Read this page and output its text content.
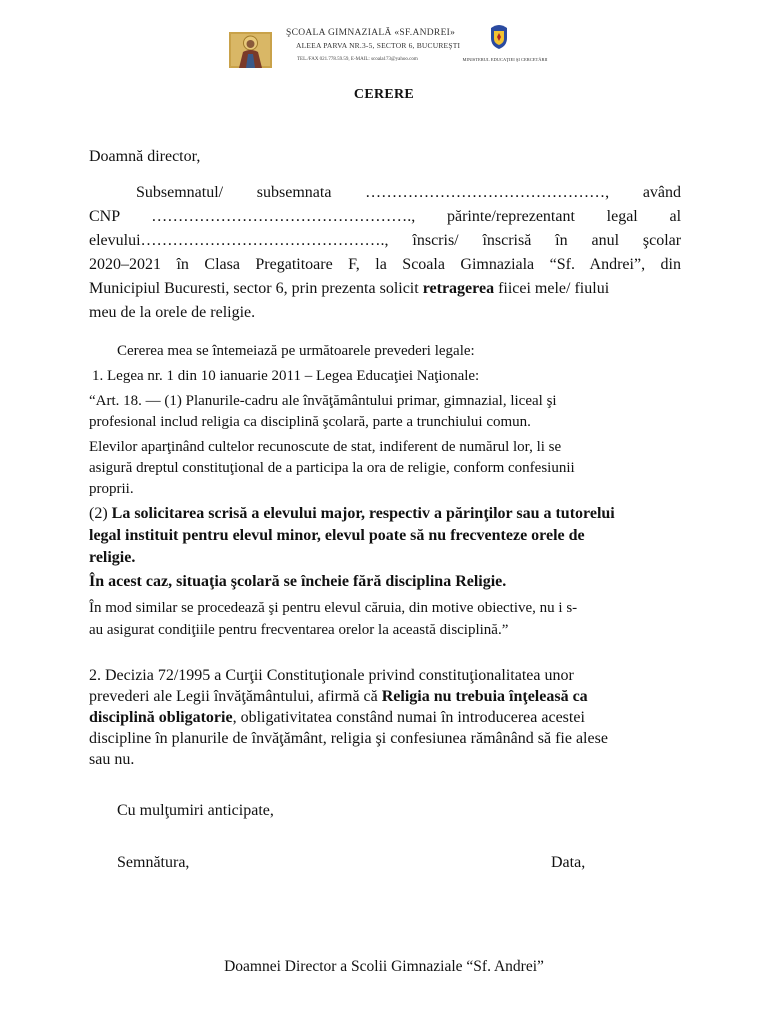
ŞCOALA GIMNAZIALĂ «SF.ANDREI»
ALEEA PARVA NR.3-5, SECTOR 6, BUCUREŞTI
TEL./FAX 021.778.59.59, E-MAIL: scoala173@yahoo.com	MINISTERUL EDUCAŢIEI ŞI CERCETĂRII
CERERE
Doamnă director,
Subsemnatul/ subsemnata ………………………………………, având
CNP …………………………………………., părinte/reprezentant legal al
elevului………………………………………., înscris/ înscrisă în anul şcolar
2020–2021 în Clasa Pregatitoare F, la Scoala Gimnaziala “Sf. Andrei”, din
Municipiul Bucuresti, sector 6, prin prezenta solicit retragerea fiicei mele/ fiului
meu de la orele de religie.
Cererea mea se întemeiază pe următoarele prevederi legale:
1. Legea nr. 1 din 10 ianuarie 2011 – Legea Educaţiei Naţionale:
“Art. 18. — (1) Planurile-cadru ale învăţământului primar, gimnazial, liceal şi
profesional includ religia ca disciplină şcolară, parte a trunchiului comun.
Elevilor aparţinând cultelor recunoscute de stat, indiferent de numărul lor, li se
asigură dreptul constituţional de a participa la ora de religie, conform confesiunii
proprii.
(2) La solicitarea scrisă a elevului major, respectiv a părinţilor sau a tutorelui
legal instituit pentru elevul minor, elevul poate să nu frecventeze orele de
religie.
În acest caz, situaţia şcolară se încheie fără disciplina Religie.
În mod similar se procedează şi pentru elevul căruia, din motive obiective, nu i s-
au asigurat condiţiile pentru frecventarea orelor la această disciplină.”
2. Decizia 72/1995 a Curţii Constituţionale privind constituţionalitatea unor
prevederi ale Legii învăţământului, afirmă că Religia nu trebuia înţeleasă ca
disciplină obligatorie, obligativitatea constând numai în introducerea acestei
discipline în planurile de învăţământ, religia şi confesiunea rămânând să fie alese
sau nu.
Cu mulţumiri anticipate,
Semnătura,	Data,
Doamnei Director a Scolii Gimnaziale “Sf. Andrei”
